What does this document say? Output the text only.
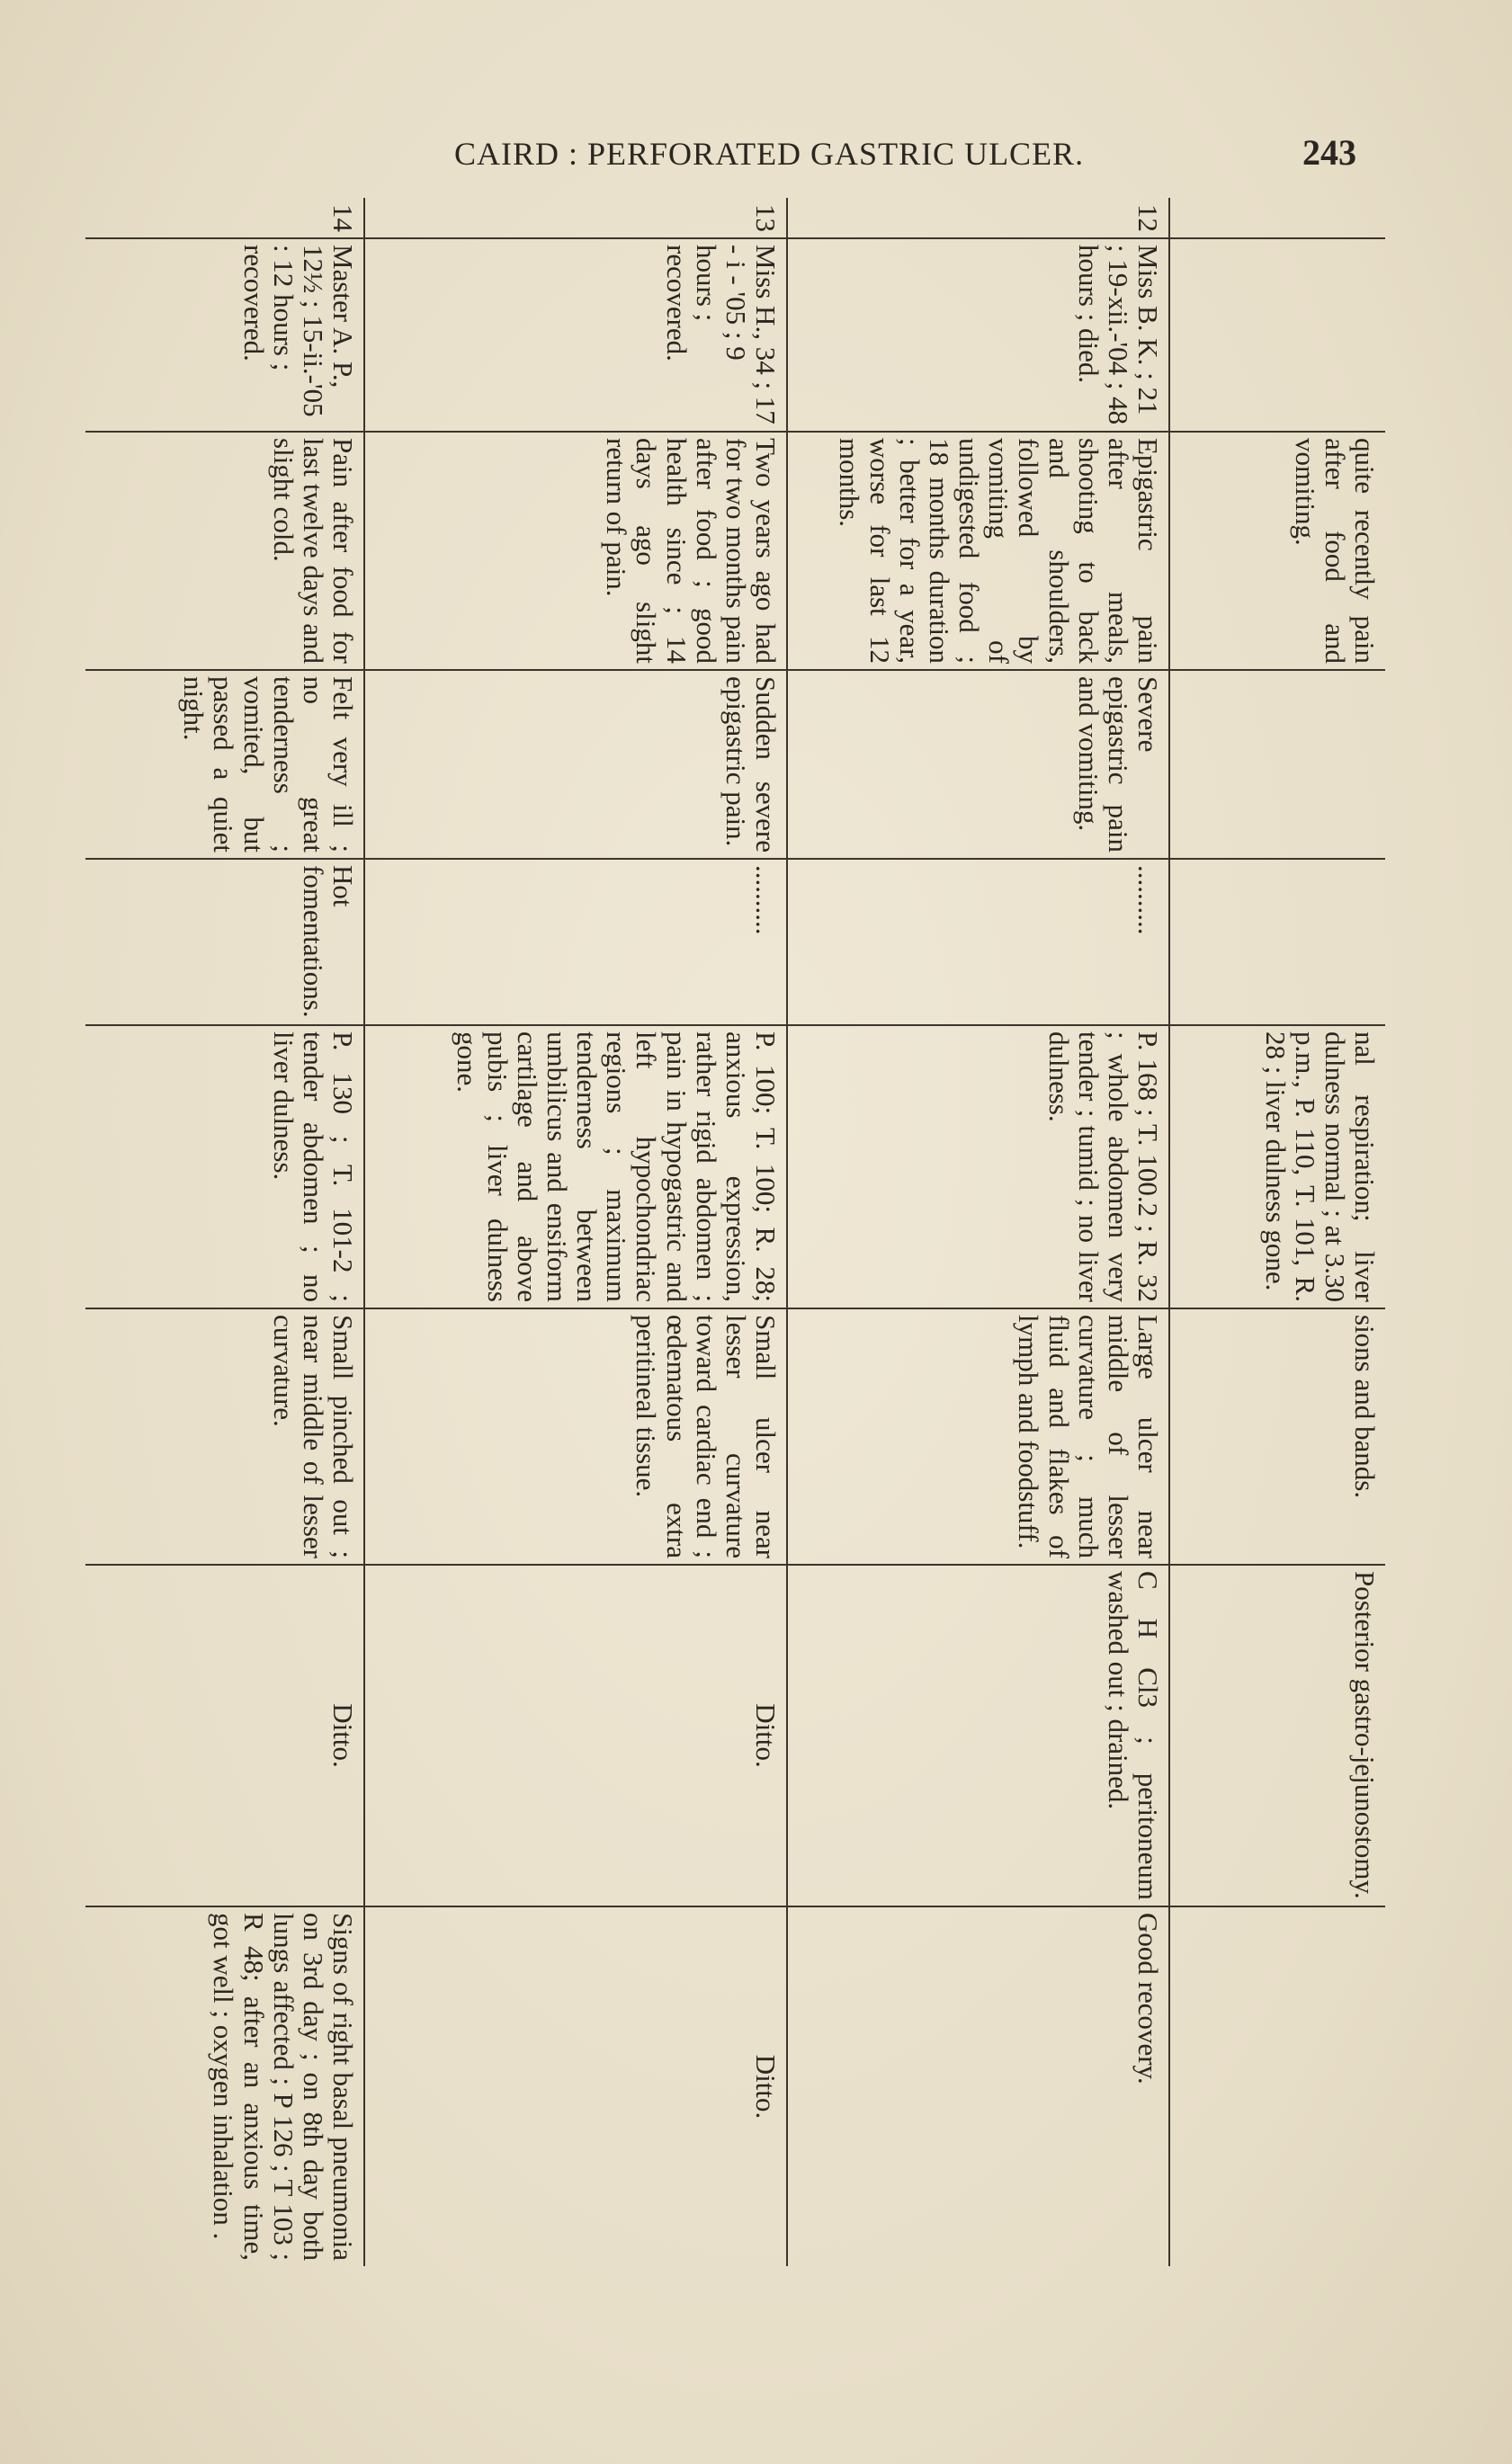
CAIRD : PERFORATED GASTRIC ULCER.	243
		quite recently pain after food and vomiting.			nal respiration; liver dulness normal ; at 3.30 p.m., P. 110, T. 101, R. 28 ; liver dulness gone.	sions and bands.	Posterior gastro-jejunostomy.	
12	Miss B. K. ; 21 ; 19-xii.-'04 ; 48 hours ; died.	Epigastric pain after meals, shooting to back and shoulders, followed by vomiting of undigested food ; 18 months duration ; better for a year, worse for last 12 months.	Severe epigastric pain and vomiting.	..........	P. 168 ; T. 100.2 ; R. 32 ; whole abdomen very tender ; tumid ; no liver dulness.	Large ulcer near middle of lesser curvature ; much fluid and flakes of lymph and foodstuff.	C H Cl3 ; peritoneum washed out ; drained.	Good recovery.
13	Miss H., 34 ; 17 - i - '05 ; 9 hours ; recovered.	Two years ago had for two months pain after food ; good health since ; 14 days ago slight return of pain.	Sudden severe epigastric pain.	..........	P. 100; T. 100; R. 28; anxious expression, rather rigid abdomen ; pain in hypogastric and left hypochondriac regions ; maximum tenderness between umbilicus and ensiform cartilage and above pubis ; liver dulness gone.	Small ulcer near lesser curvature toward cardiac end ; œdematous extra peritineal tissue.	Ditto.	Ditto.
14	Master A. P., 12½ ; 15-ii.-'05 : 12 hours ; recovered.	Pain after food for last twelve days and slight cold.	Felt very ill ; no great tenderness ; vomited, but passed a quiet night.	Hot fomentations.	P. 130 ; T. 101-2 ; tender abdomen ; no liver dulness.	Small pinched out ; near middle of lesser curvature.	Ditto.	Signs of right basal pneumonia on 3rd day ; on 8th day both lungs affected ; P 126 ; T 103 ; R 48; after an anxious time, got well ; oxygen inhalation .
